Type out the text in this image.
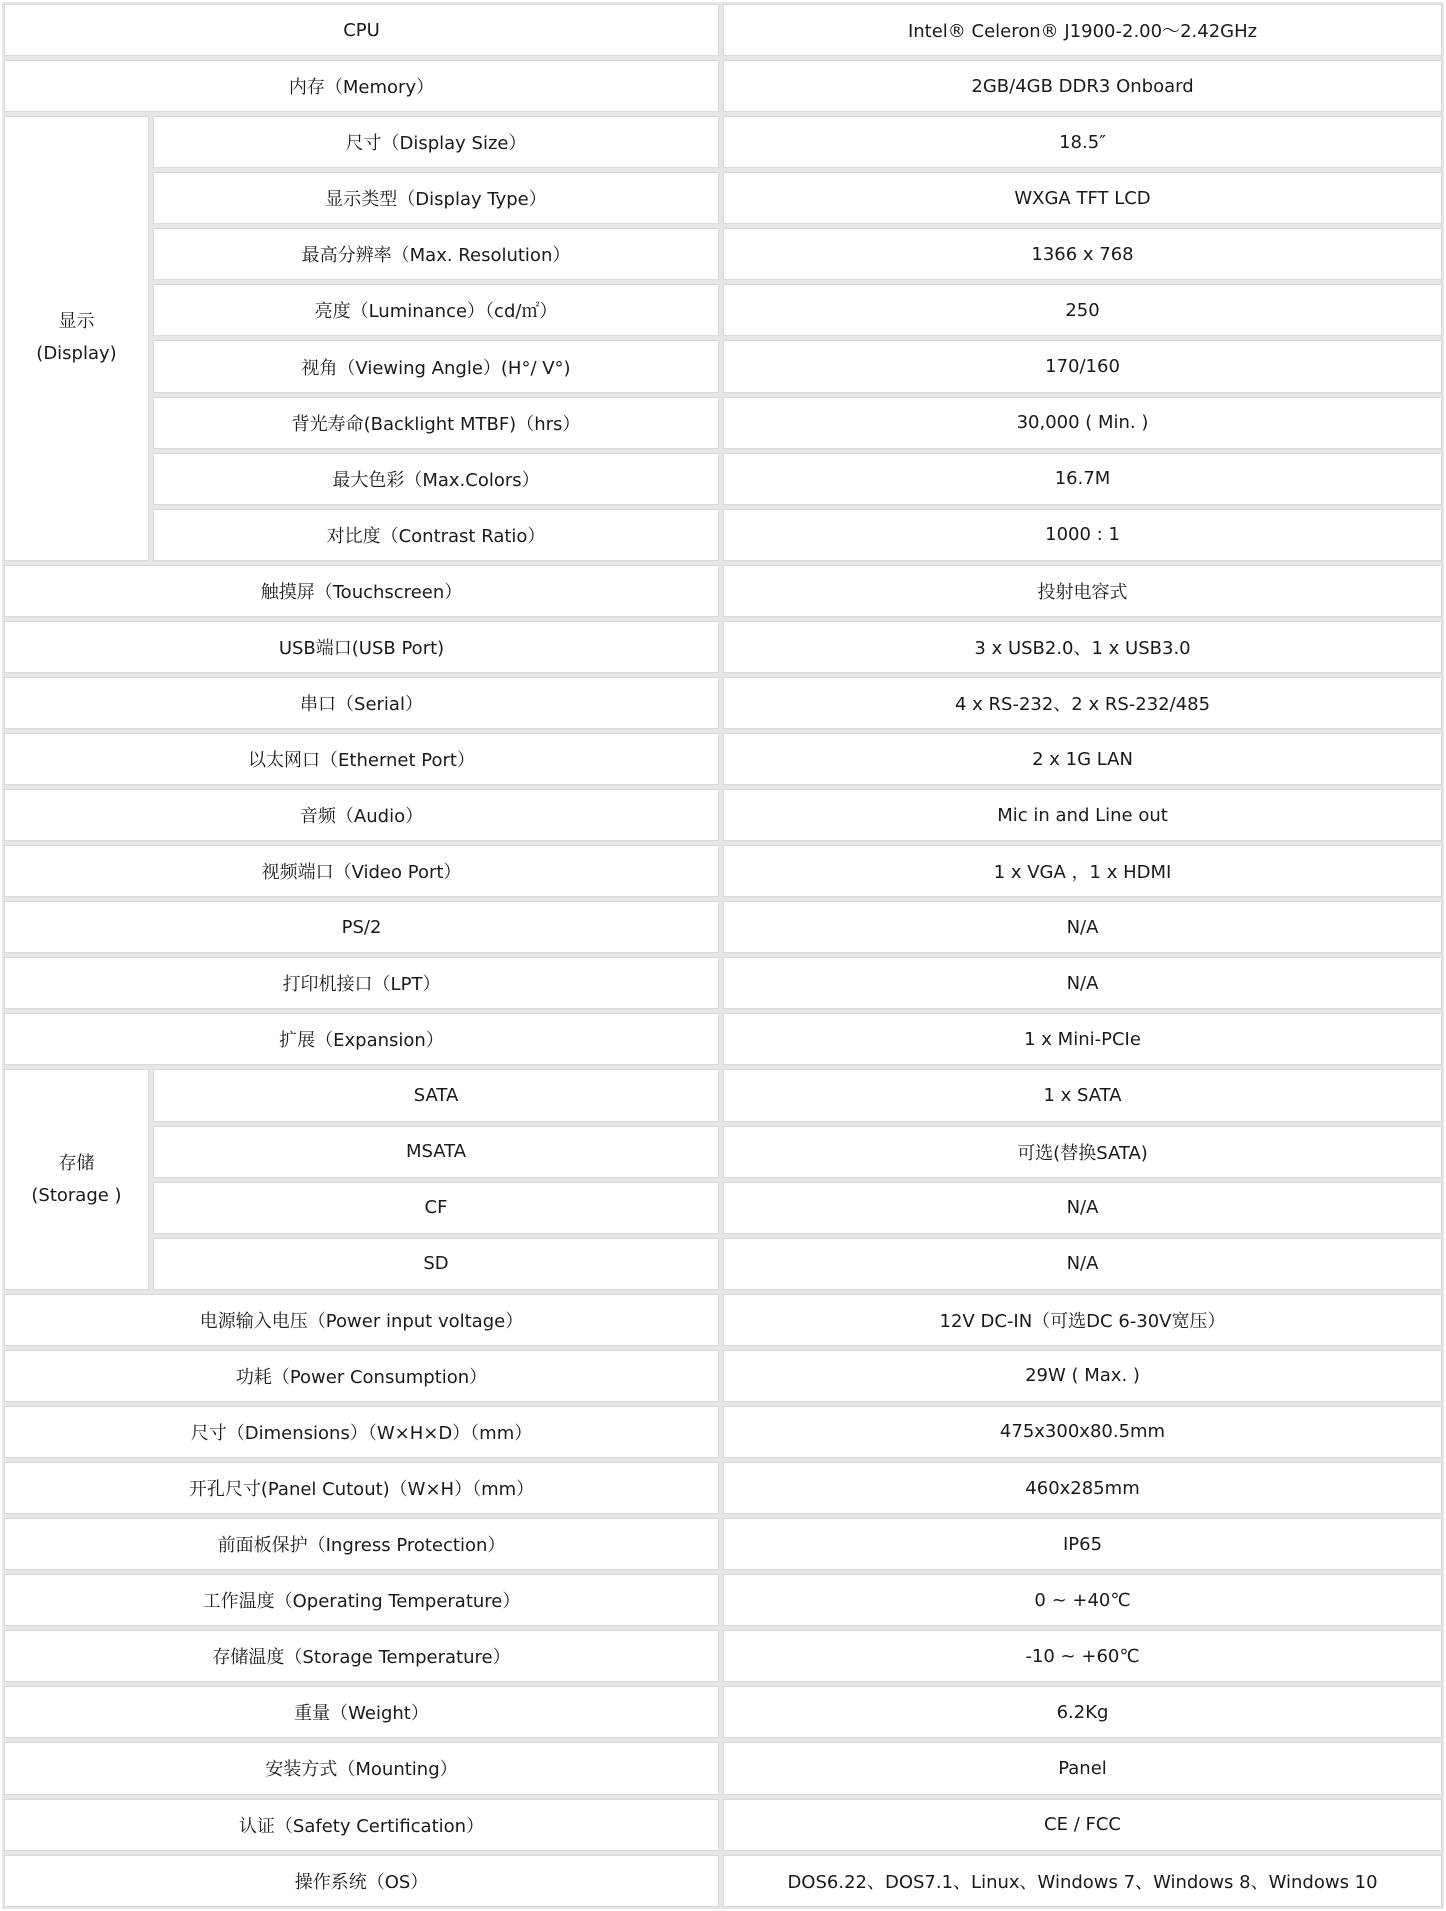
CPU		Intel® Celeron® J1900-2.00～2.42GHz
内存（Memory）		2GB/4GB DDR3 Onboard
显示
(Display)	尺寸（Display Size）	18.5″
	显示类型（Display Type）	WXGA TFT LCD
	最高分辨率（Max. Resolution）	1366 x 768
	亮度（Luminance）（cd/㎡）	250
	视角（Viewing Angle）(H°/ V°)	170/160
	背光寿命(Backlight MTBF)（hrs）	30,000 ( Min. )
	最大色彩（Max.Colors）	16.7M
	对比度（Contrast Ratio）	1000 : 1
触摸屏（Touchscreen）		投射电容式
USB端口(USB Port)		3 x USB2.0、1 x USB3.0
串口（Serial）		4 x RS-232、2 x RS-232/485
以太网口（Ethernet Port）		2 x 1G LAN
音频（Audio）		Mic in and Line out
视频端口（Video Port）		1 x VGA ，1 x HDMI
PS/2		N/A
打印机接口（LPT）		N/A
扩展（Expansion）		1 x Mini-PCIe
存储
(Storage )	SATA	1 x SATA
	MSATA	可选(替换SATA)
	CF	N/A
	SD	N/A
电源输入电压（Power input voltage）		12V DC-IN（可选DC 6-30V宽压）
功耗（Power Consumption）		29W ( Max. )
尺寸（Dimensions）（W×H×D）（mm）		475x300x80.5mm
开孔尺寸(Panel Cutout)（W×H）（mm）		460x285mm
前面板保护（Ingress Protection）		IP65
工作温度（Operating Temperature）		0 ~ +40℃
存储温度（Storage Temperature）		-10 ~ +60℃
重量（Weight）		6.2Kg
安装方式（Mounting）		Panel
认证（Safety Certification）		CE / FCC
操作系统（OS）		DOS6.22、DOS7.1、Linux、Windows 7、Windows 8、Windows 10
